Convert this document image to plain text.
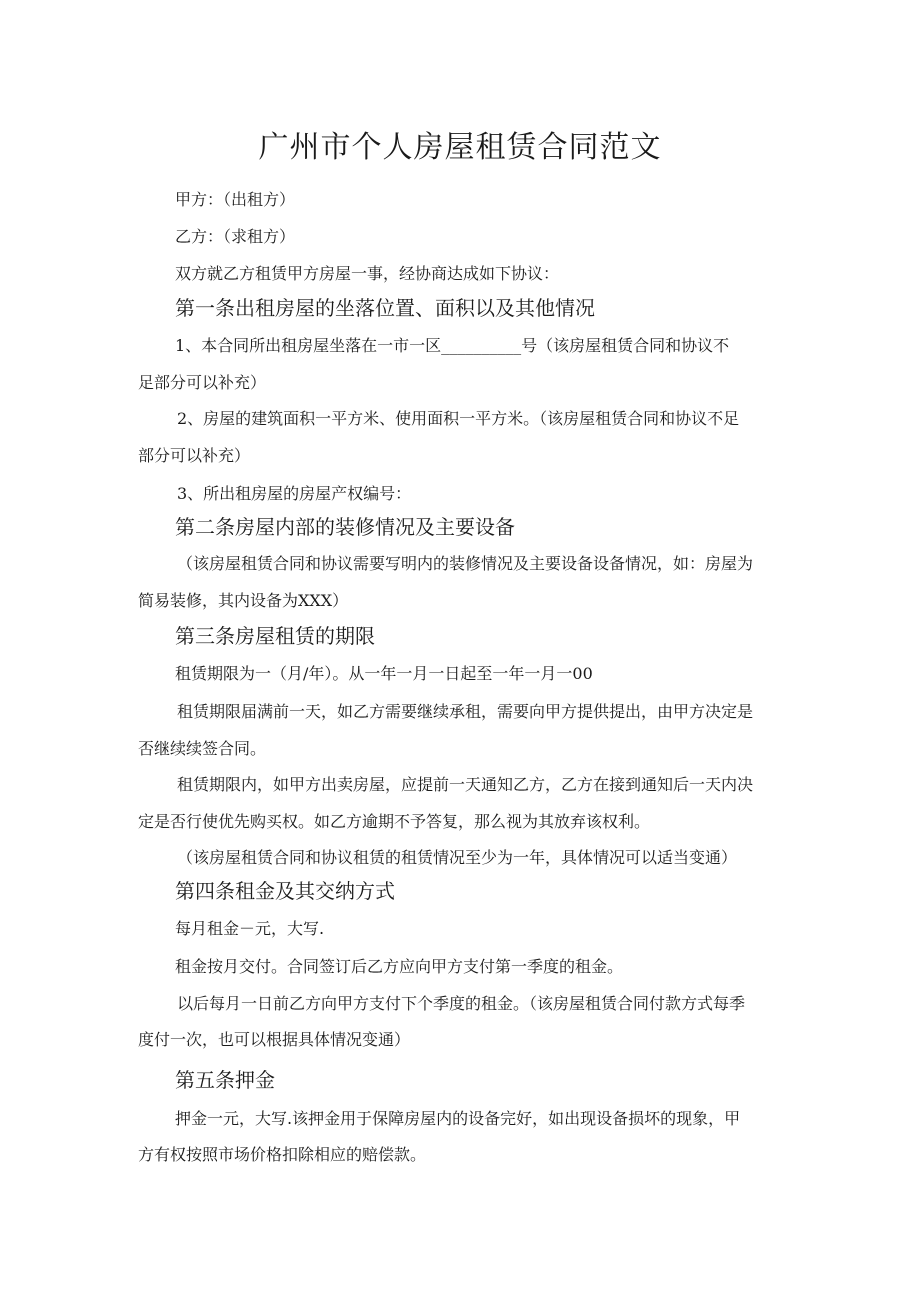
广州市个人房屋租赁合同范文
甲方：（出租方）
乙方：（求租方）
双方就乙方租赁甲方房屋一事，经协商达成如下协议：
第一条出租房屋的坐落位置、面积以及其他情况
1、本合同所出租房屋坐落在一市一区__________号（该房屋租赁合同和协议不
足部分可以补充）
2、房屋的建筑面积一平方米、使用面积一平方米。（该房屋租赁合同和协议不足
部分可以补充）
3、所出租房屋的房屋产权编号：
第二条房屋内部的装修情况及主要设备
（该房屋租赁合同和协议需要写明内的装修情况及主要设备设备情况，如：房屋为
简易装修，其内设备为XXX）
第三条房屋租赁的期限
租赁期限为一（月/年）。从一年一月一日起至一年一月一00
租赁期限届满前一天，如乙方需要继续承租，需要向甲方提供提出，由甲方决定是
否继续续签合同。
租赁期限内，如甲方出卖房屋，应提前一天通知乙方，乙方在接到通知后一天内决
定是否行使优先购买权。如乙方逾期不予答复，那么视为其放弃该权利。
（该房屋租赁合同和协议租赁的租赁情况至少为一年，具体情况可以适当变通）
第四条租金及其交纳方式
每月租金－元，大写.
租金按月交付。合同签订后乙方应向甲方支付第一季度的租金。
以后每月一日前乙方向甲方支付下个季度的租金。（该房屋租赁合同付款方式每季
度付一次，也可以根据具体情况变通）
第五条押金
押金一元，大写.该押金用于保障房屋内的设备完好，如出现设备损坏的现象，甲
方有权按照市场价格扣除相应的赔偿款。
